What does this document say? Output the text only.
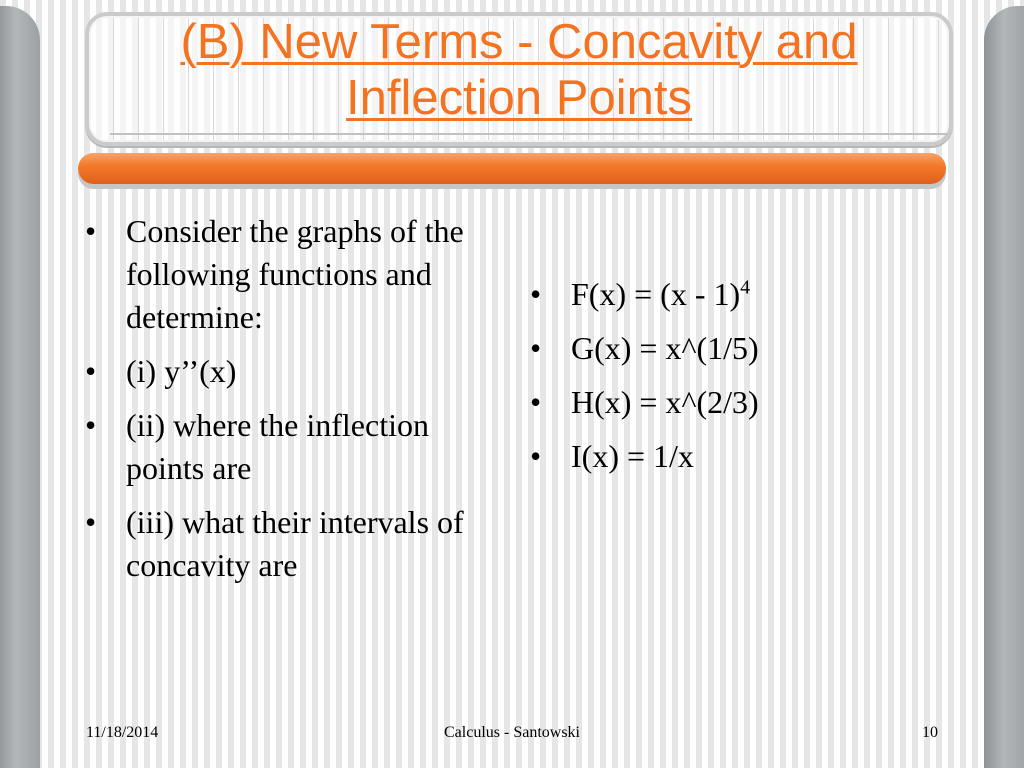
(B) New Terms - Concavity and Inflection Points
• Consider the graphs of the following functions and determine:
• (i) y’’(x)
• (ii) where the inflection points are
• (iii) what their intervals of concavity are
• F(x) = (x - 1)$^4$
• G(x) = x^(1/5)
• H(x) = x^(2/3)
• I(x) = 1/x
11/18/2014	Calculus - Santowski	10
